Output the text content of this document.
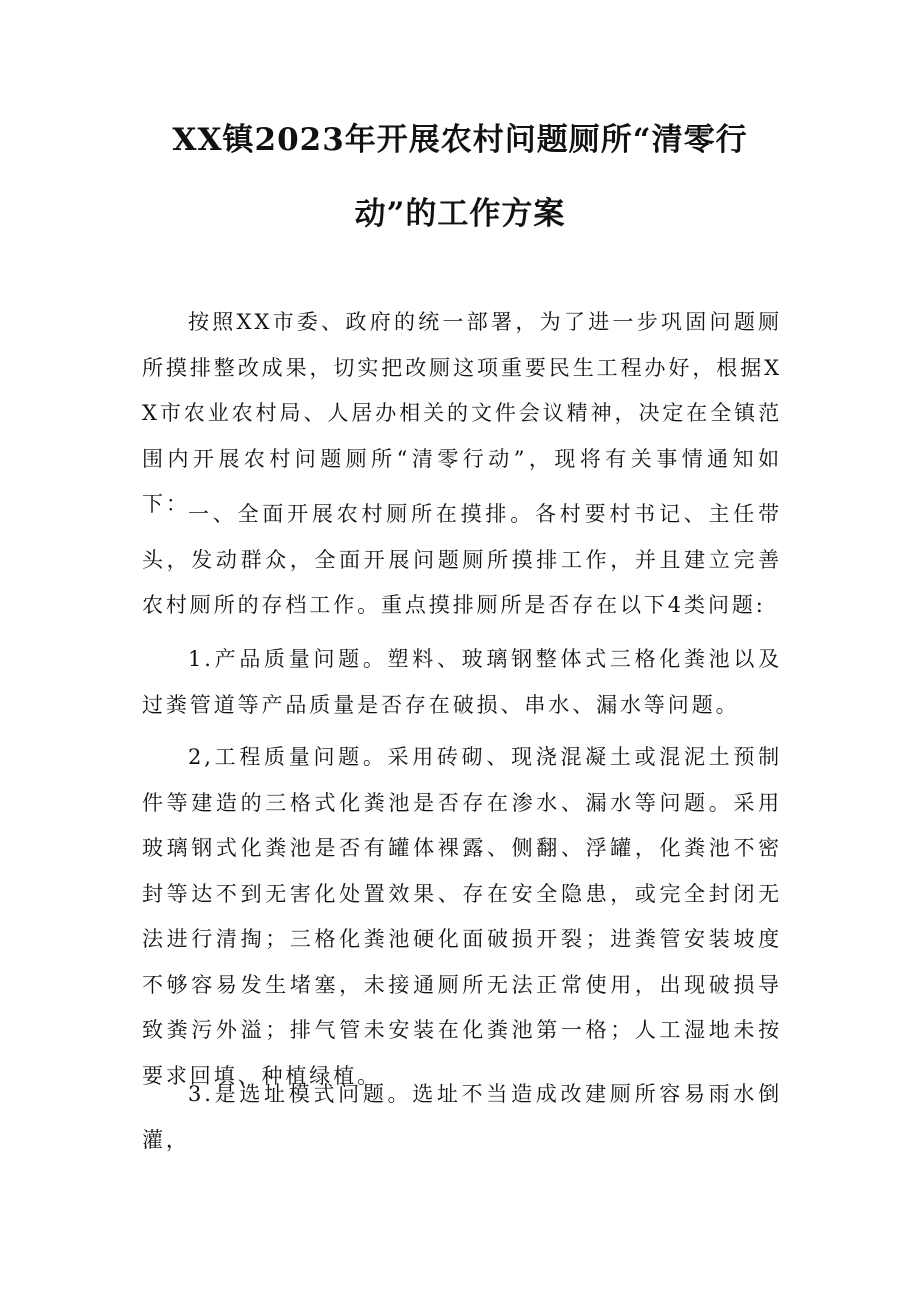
XX镇2023年开展农村问题厕所“清零行
动”的工作方案

按照XX市委、政府的统一部署，为了进一步巩固问题厕所摸排整改成果，切实把改厕这项重要民生工程办好，根据XX市农业农村局、人居办相关的文件会议精神，决定在全镇范围内开展农村问题厕所“清零行动”，现将有关事情通知如下：

一、全面开展农村厕所在摸排。各村要村书记、主任带头，发动群众，全面开展问题厕所摸排工作，并且建立完善农村厕所的存档工作。重点摸排厕所是否存在以下4类问题:

1.产品质量问题。塑料、玻璃钢整体式三格化粪池以及过粪管道等产品质量是否存在破损、串水、漏水等问题。

2,工程质量问题。采用砖砌、现浇混凝土或混泥土预制件等建造的三格式化粪池是否存在渗水、漏水等问题。采用玻璃钢式化粪池是否有罐体裸露、侧翻、浮罐，化粪池不密封等达不到无害化处置效果、存在安全隐患，或完全封闭无法进行清掏；三格化粪池硬化面破损开裂；进粪管安装坡度不够容易发生堵塞，未接通厕所无法正常使用，出现破损导致粪污外溢；排气管未安装在化粪池第一格；人工湿地未按要求回填、种植绿植。

3.是选址模式问题。选址不当造成改建厕所容易雨水倒灌，
